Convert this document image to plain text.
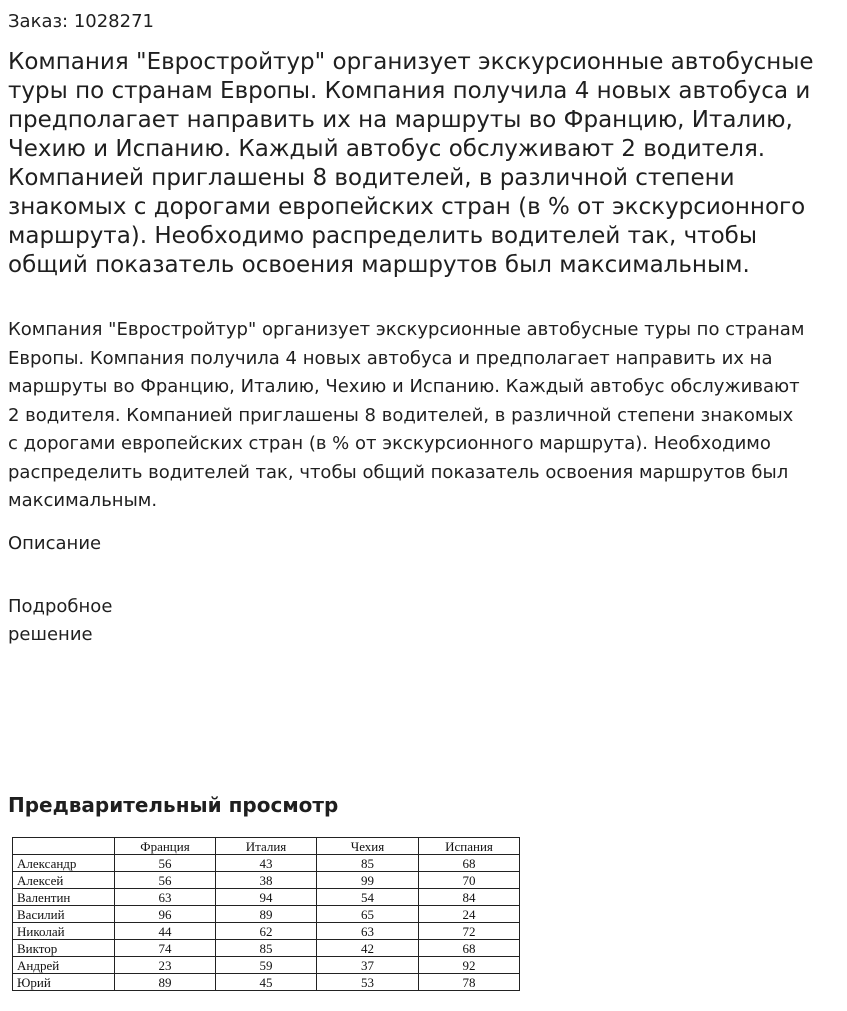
Заказ: 1028271

Компания "Евростройтур" организует экскурсионные автобусные туры по странам Европы. Компания получила 4 новых автобуса и предполагает направить их на маршруты во Францию, Италию, Чехию и Испанию. Каждый автобус обслуживают 2 водителя. Компанией приглашены 8 водителей, в различной степени знакомых с дорогами европейских стран (в % от экскурсионного маршрута). Необходимо распределить водителей так, чтобы общий показатель освоения маршрутов был максимальным.

Компания "Евростройтур" организует экскурсионные автобусные туры по странам Европы. Компания получила 4 новых автобуса и предполагает направить их на маршруты во Францию, Италию, Чехию и Испанию. Каждый автобус обслуживают 2 водителя. Компанией приглашены 8 водителей, в различной степени знакомых с дорогами европейских стран (в % от экскурсионного маршрута). Необходимо распределить водителей так, чтобы общий показатель освоения маршрутов был максимальным.

Описание

Подробное решение

Предварительный просмотр
	Франция	Италия	Чехия	Испания
Александр	56	43	85	68
Алексей	56	38	99	70
Валентин	63	94	54	84
Василий	96	89	65	24
Николай	44	62	63	72
Виктор	74	85	42	68
Андрей	23	59	37	92
Юрий	89	45	53	78
